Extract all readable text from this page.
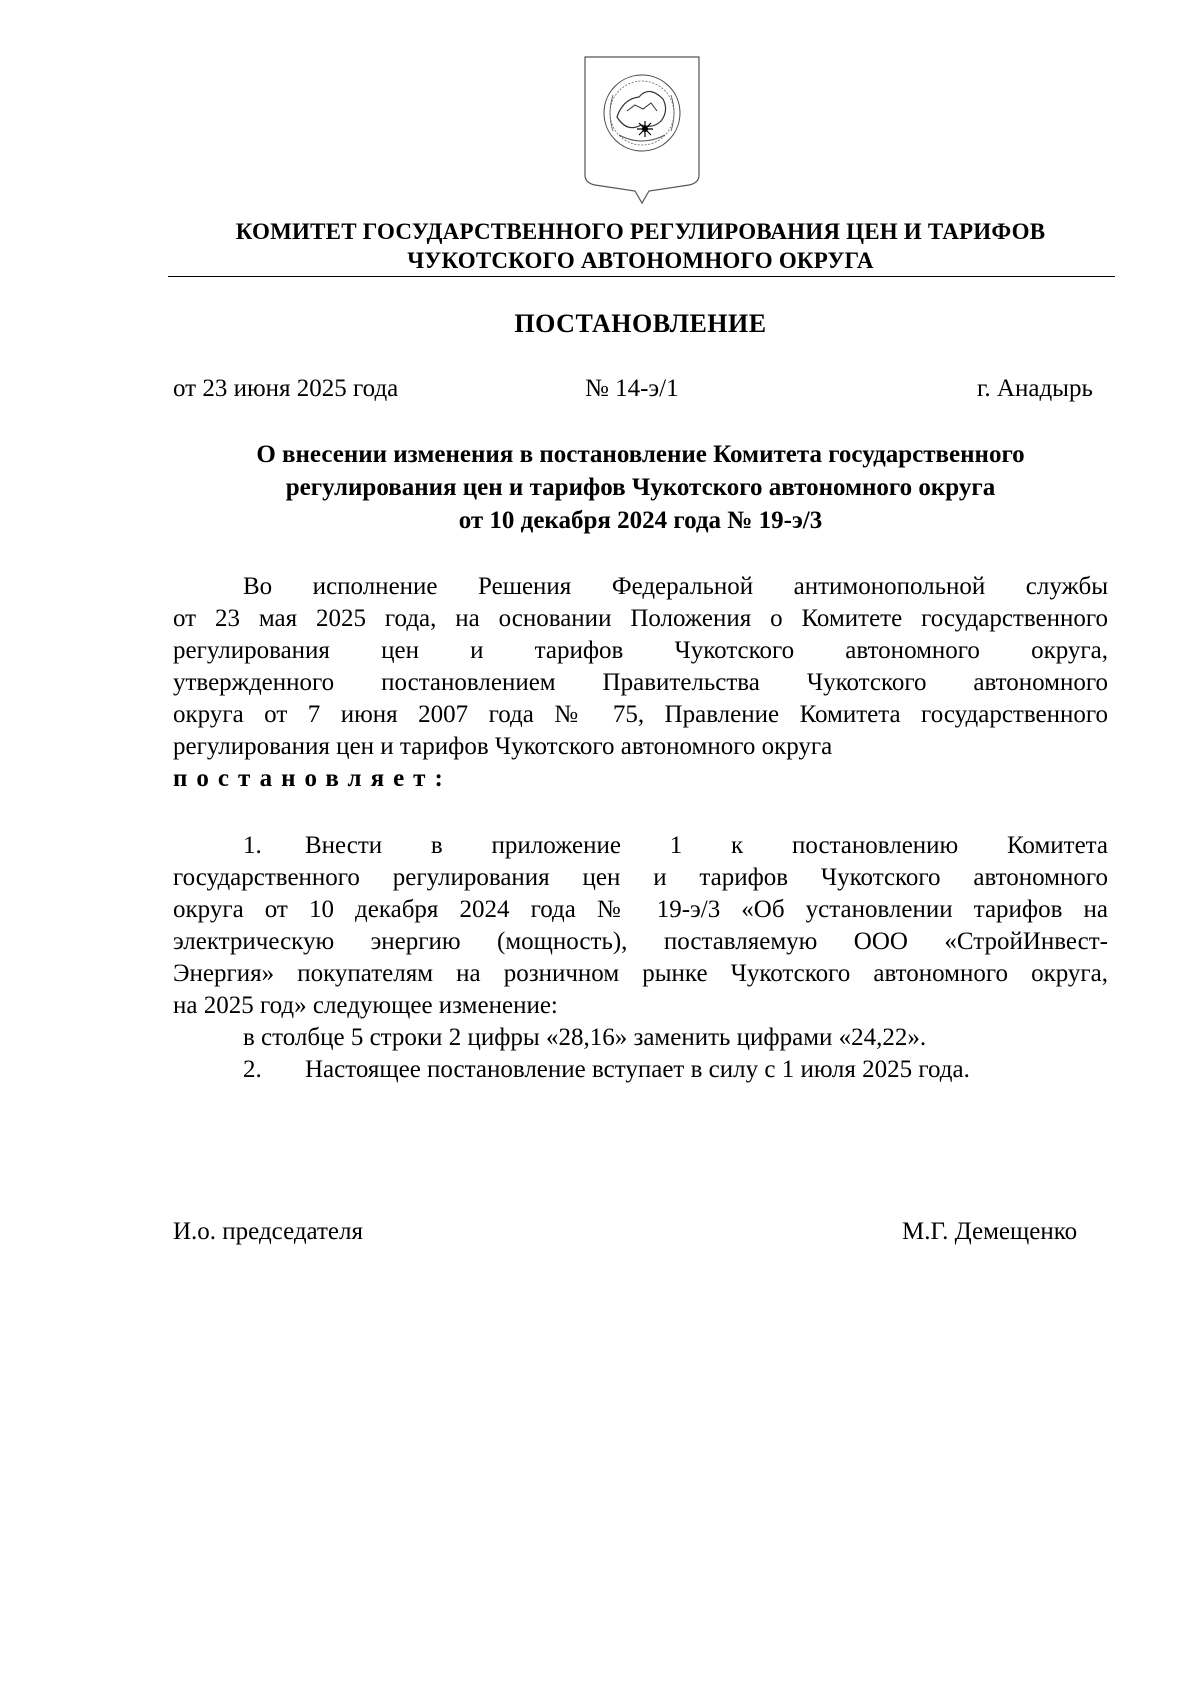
КОМИТЕТ ГОСУДАРСТВЕННОГО РЕГУЛИРОВАНИЯ ЦЕН И ТАРИФОВ
ЧУКОТСКОГО АВТОНОМНОГО ОКРУГА
ПОСТАНОВЛЕНИЕ
от 23 июня 2025 года	№ 14-э/1	г. Анадырь
О внесении изменения в постановление Комитета государственного
регулирования цен и тарифов Чукотского автономного округа
от 10 декабря 2024 года № 19-э/3
Во исполнение Решения Федеральной антимонопольной службы
от 23 мая 2025 года, на основании Положения о Комитете государственного
регулирования цен и тарифов Чукотского автономного округа,
утвержденного постановлением Правительства Чукотского автономного
округа от 7 июня 2007 года № 75, Правление Комитета государственного
регулирования цен и тарифов Чукотского автономного округа
постановляет:
1.	Внести в приложение 1 к постановлению Комитета
государственного регулирования цен и тарифов Чукотского автономного
округа от 10 декабря 2024 года № 19-э/3 «Об установлении тарифов на
электрическую энергию (мощность), поставляемую ООО «СтройИнвест-
Энергия» покупателям на розничном рынке Чукотского автономного округа,
на 2025 год» следующее изменение:
в столбце 5 строки 2 цифры «28,16» заменить цифрами «24,22».
2. Настоящее постановление вступает в силу с 1 июля 2025 года.
И.о. председателя	М.Г. Демещенко
